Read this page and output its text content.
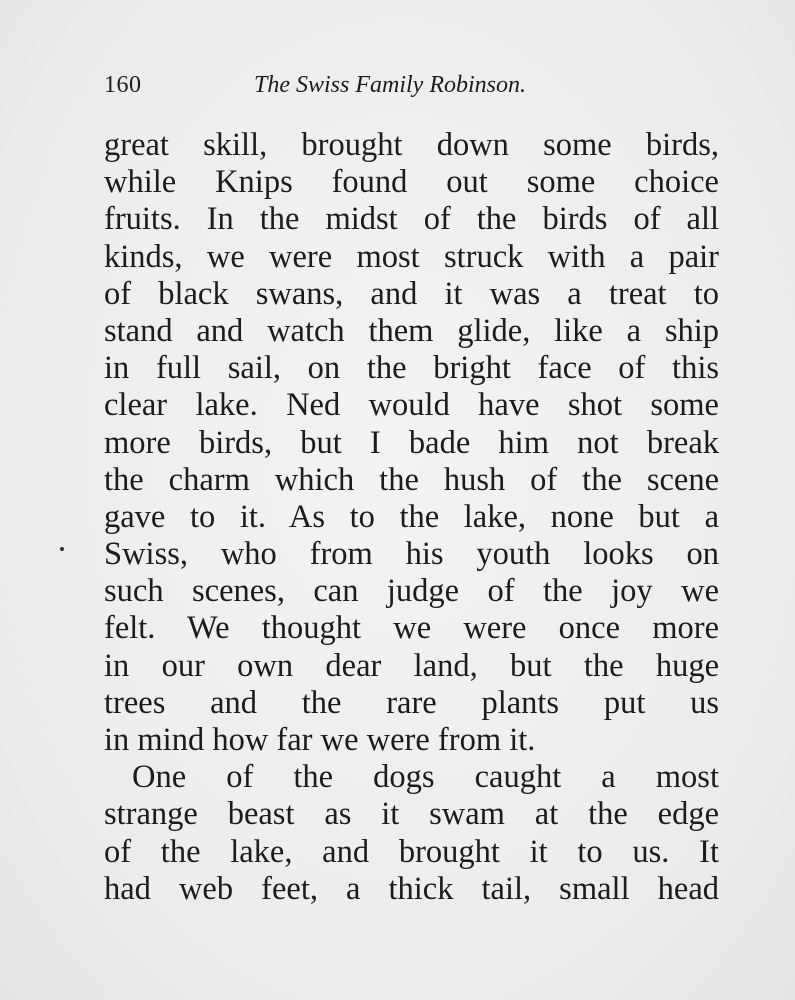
160	The Swiss Family Robinson.
great skill, brought down some birds,
while Knips found out some choice
fruits. In the midst of the birds of all
kinds, we were most struck with a pair
of black swans, and it was a treat to
stand and watch them glide, like a ship
in full sail, on the bright face of this
clear lake. Ned would have shot some
more birds, but I bade him not break
the charm which the hush of the scene
gave to it. As to the lake, none but a
Swiss, who from his youth looks on
such scenes, can judge of the joy we
felt. We thought we were once more
in our own dear land, but the huge
trees and the rare plants put us
in mind how far we were from it.
One of the dogs caught a most
strange beast as it swam at the edge
of the lake, and brought it to us. It
had web feet, a thick tail, small head
